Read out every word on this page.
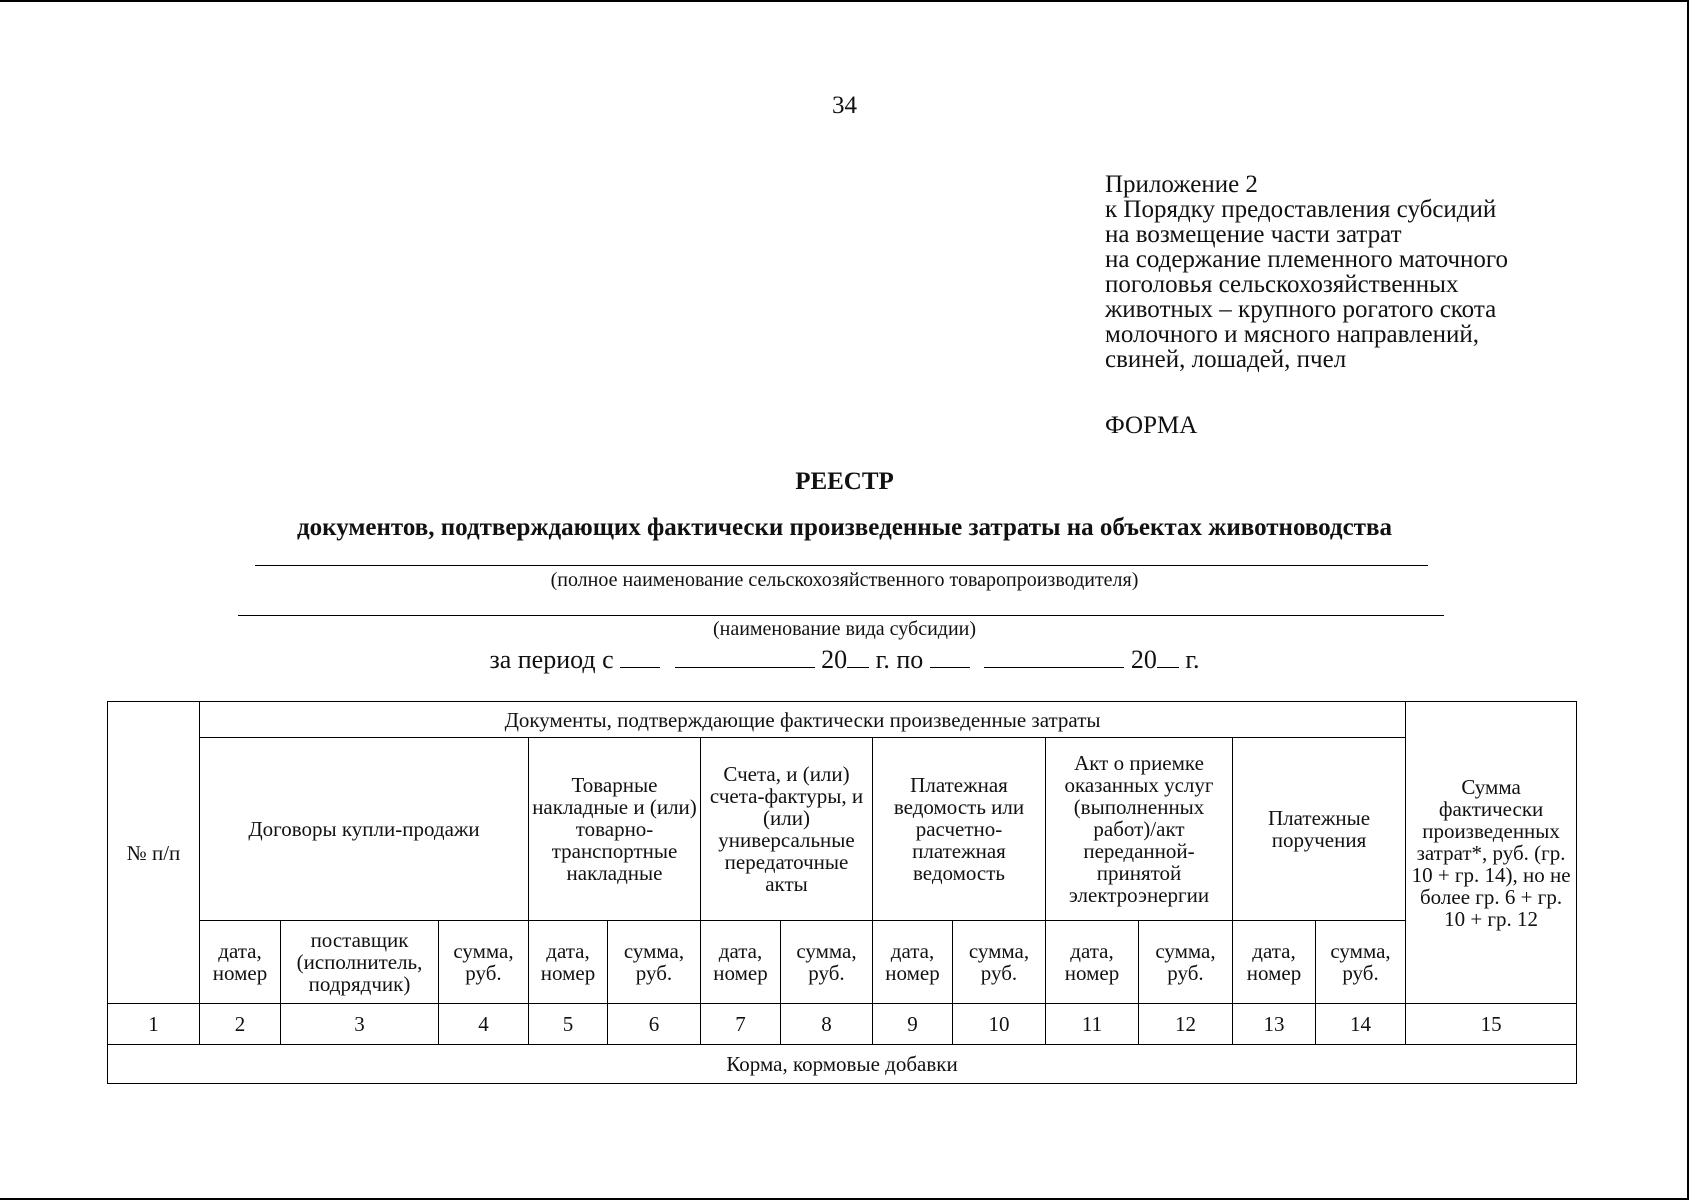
34
Приложение 2
к Порядку предоставления субсидий
на возмещение части затрат
на содержание племенного маточного
поголовья сельскохозяйственных
животных – крупного рогатого скота
молочного и мясного направлений,
свиней, лошадей, пчел
ФОРМА
РЕЕСТР
документов, подтверждающих фактически произведенные затраты на объектах животноводства
(полное наименование сельскохозяйственного товаропроизводителя)
(наименование вида субсидии)
за период с	20 г. по	20 г.
№ п/п	Документы, подтверждающие фактически произведенные затраты													Сумма фактически произведенных затрат*, руб. (гр. 10 + гр. 14), но не более гр. 6 + гр. 10 + гр. 12
	Договоры купли-продажи			Товарные накладные и (или) товарно-транспортные накладные		Счета, и (или) счета-фактуры, и (или) универсальные передаточные акты		Платежная ведомость или расчетно-платежная ведомость		Акт о приемке оказанных услуг (выполненных работ)/акт переданной-принятой электроэнергии		Платежные поручения		
	дата, номер	поставщик (исполнитель, подрядчик)	сумма, руб.	дата, номер	сумма, руб.	дата, номер	сумма, руб.	дата, номер	сумма, руб.	дата, номер	сумма, руб.	дата, номер	сумма, руб.	
1	2	3	4	5	6	7	8	9	10	11	12	13	14	15
Корма, кормовые добавки														
